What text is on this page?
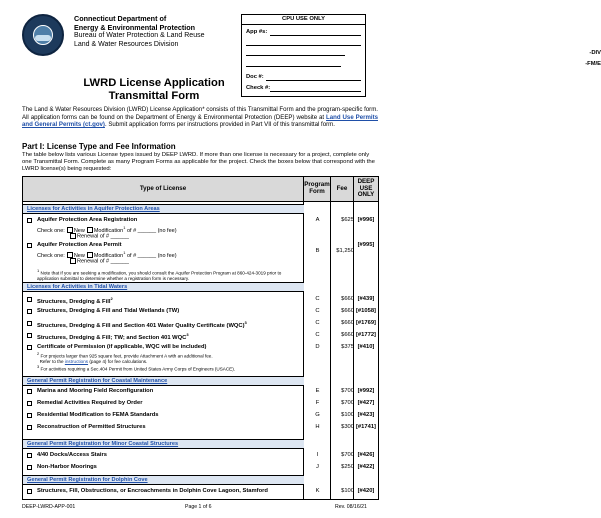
Connecticut Department of
Energy & Environmental Protection
Bureau of Water Protection & Land Reuse
Land & Water Resources Division
CPU USE ONLY
App #s:
-DIV
-FM/E
Doc #:
Check #:
LWRD License Application
Transmittal Form
The Land & Water Resources Division (LWRD) License Application* consists of this Transmittal Form and the program-specific form. All application forms can be found on the Department of Energy & Environmental Protection (DEEP) website at Land Use Permits and General Permits (ct.gov). Submit application forms per instructions provided in Part VII of this transmittal form.
Part I: License Type and Fee Information
The table below lists various License types issued by DEEP LWRD. If more than one license is necessary for a project, complete only one Transmittal Form. Complete as many Program Forms as applicable for the project. Check the boxes below that correspond with the LWRD license(s) being requested:
Type of License	Program Form	Fee
DEEP USE ONLY
Licenses for Activities in Aquifer Protection Areas
Aquifer Protection Area Registration
Check one: New Modification$^1$ of # ______ (no fee)
Renewal of # ______
A	$625 [#996]
Aquifer Protection Area Permit
Check one: New Modification$^1$ of # ______ (no fee)
Renewal of # ______
B	$1,250
[#995]
$^1$ Note that if you are seeking a modification, you should consult the Aquifer Protection Program at 860-424-3019 prior to application submittal to determine whether a registration form is necessary.
Licenses for Activities in Tidal Waters
Structures, Dredging & Fill$^2$	C	$660 [#439]
Structures, Dredging & Fill and Tidal Wetlands (TW)	C	$660 [#1058]
Structures, Dredging & Fill and Section 401 Water Quality Certificate (WQC)$^3$	C	$660 [#1769]
Structures, Dredging & Fill; TW; and Section 401 WQC$^3$	C	$660 [#1772]
Certificate of Permission (if applicable, WQC will be included)	D	$375 [#410]
$^2$ For projects larger than 925 square feet, provide Attachment A with an additional fee.
Refer to the instructions (page 4) for fee calculations.
$^3$ For activities requiring a Sec.404 Permit from United States Army Corps of Engineers (USACE).
General Permit Registration for Coastal Maintenance
Marina and Mooring Field Reconfiguration	E	$700 [#992]
Remedial Activities Required by Order	F	$700 [#427]
Residential Modification to FEMA Standards	G	$100 [#423]
Reconstruction of Permitted Structures	H	$300 [#1741]
General Permit Registration for Minor Coastal Structures
4/40 Docks/Access Stairs	I	$700 [#426]
Non-Harbor Moorings	J	$250 [#422]
General Permit Registration for Dolphin Cove
Structures, Fill, Obstructions, or Encroachments in Dolphin Cove Lagoon, Stamford	K	$100 [#420]
DEEP-LWRD-APP-001	Page 1 of 6	Rev. 08/16/21
